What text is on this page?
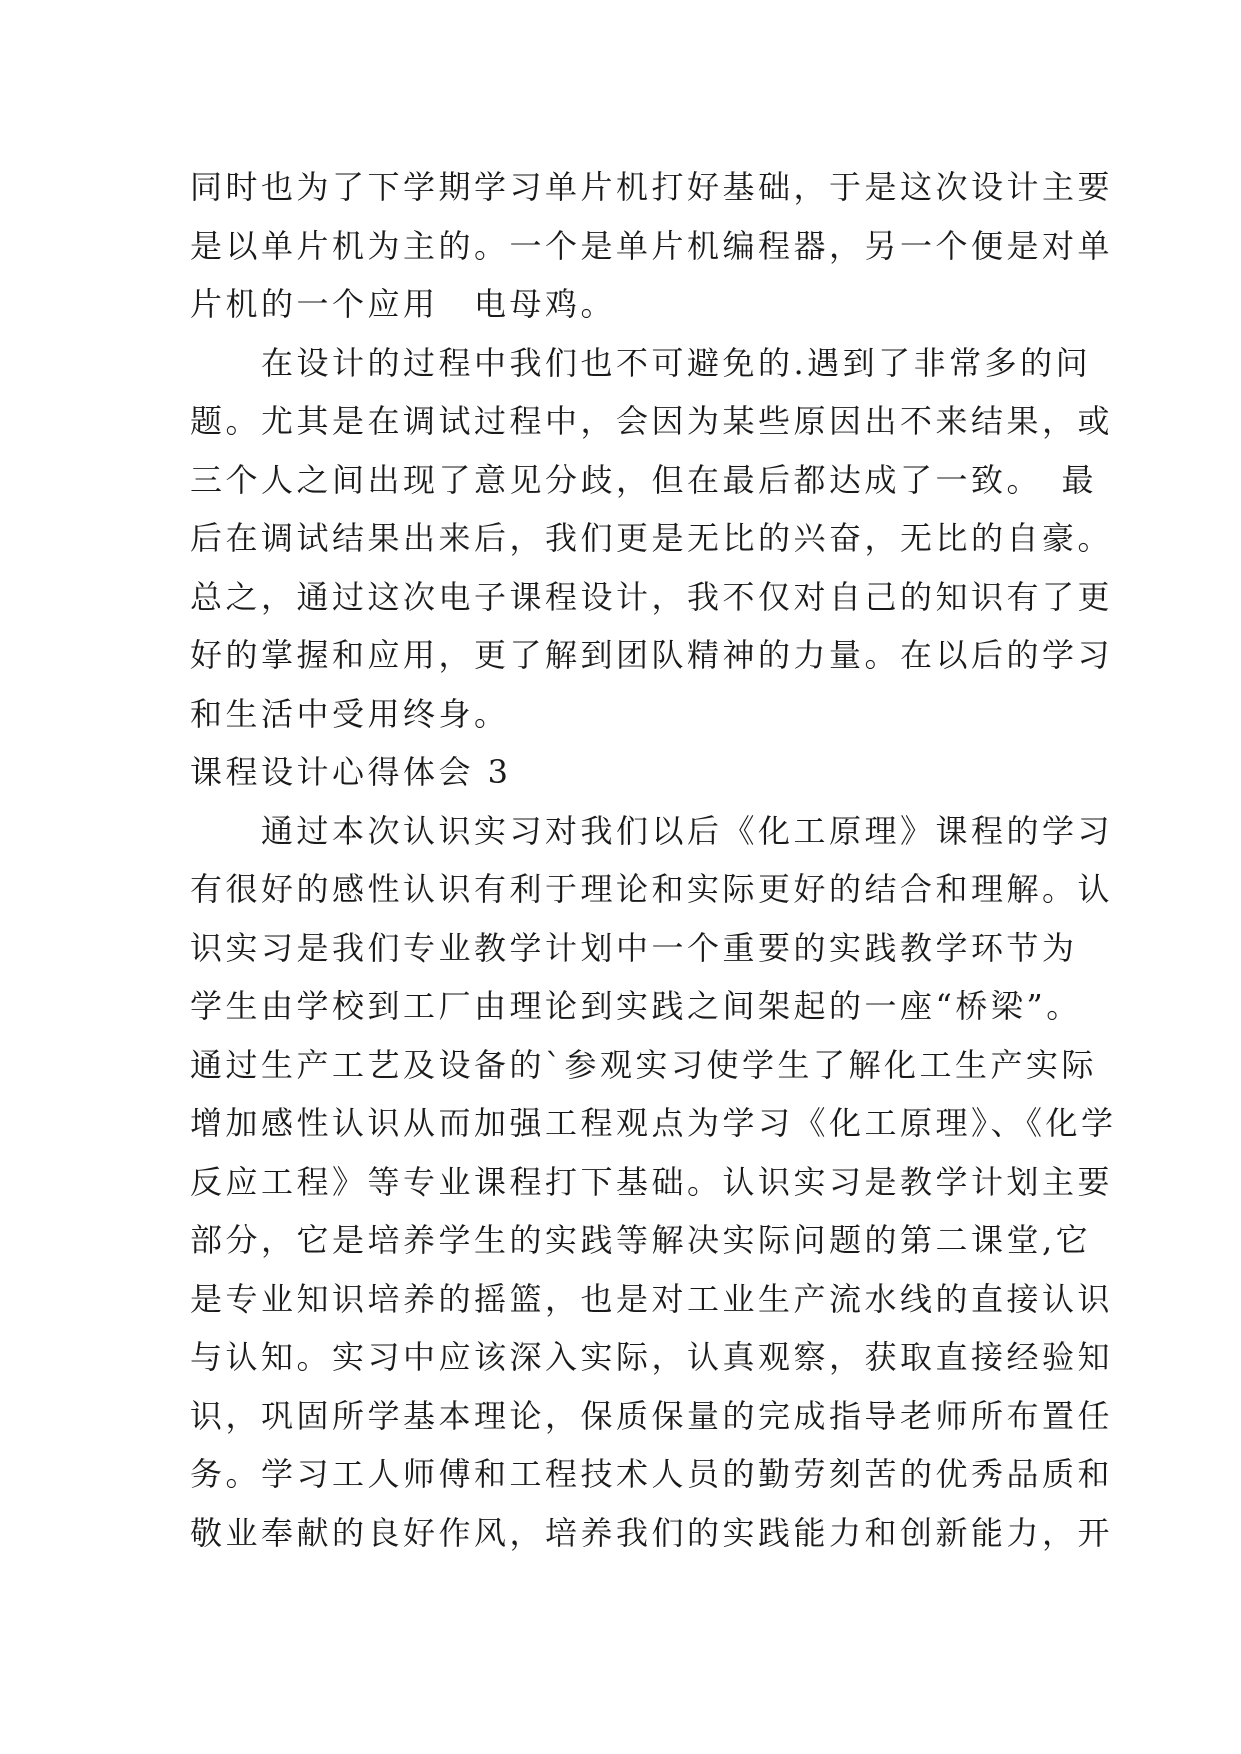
同时也为了下学期学习单片机打好基础，于是这次设计主要
是以单片机为主的。一个是单片机编程器，另一个便是对单
片机的一个应用　电母鸡。
　　在设计的过程中我们也不可避免的.遇到了非常多的问
题。尤其是在调试过程中，会因为某些原因出不来结果，或
三个人之间出现了意见分歧，但在最后都达成了一致。　最
后在调试结果出来后，我们更是无比的兴奋，无比的自豪。
总之，通过这次电子课程设计，我不仅对自己的知识有了更
好的掌握和应用，更了解到团队精神的力量。在以后的学习
和生活中受用终身。
课程设计心得体会 3
　　通过本次认识实习对我们以后《化工原理》课程的学习
有很好的感性认识有利于理论和实际更好的结合和理解。认
识实习是我们专业教学计划中一个重要的实践教学环节为
学生由学校到工厂由理论到实践之间架起的一座“桥梁”。
通过生产工艺及设备的`参观实习使学生了解化工生产实际
增加感性认识从而加强工程观点为学习《化工原理》、《化学
反应工程》等专业课程打下基础。认识实习是教学计划主要
部分，它是培养学生的实践等解决实际问题的第二课堂,它
是专业知识培养的摇篮，也是对工业生产流水线的直接认识
与认知。实习中应该深入实际，认真观察，获取直接经验知
识，巩固所学基本理论，保质保量的完成指导老师所布置任
务。学习工人师傅和工程技术人员的勤劳刻苦的优秀品质和
敬业奉献的良好作风，培养我们的实践能力和创新能力，开
